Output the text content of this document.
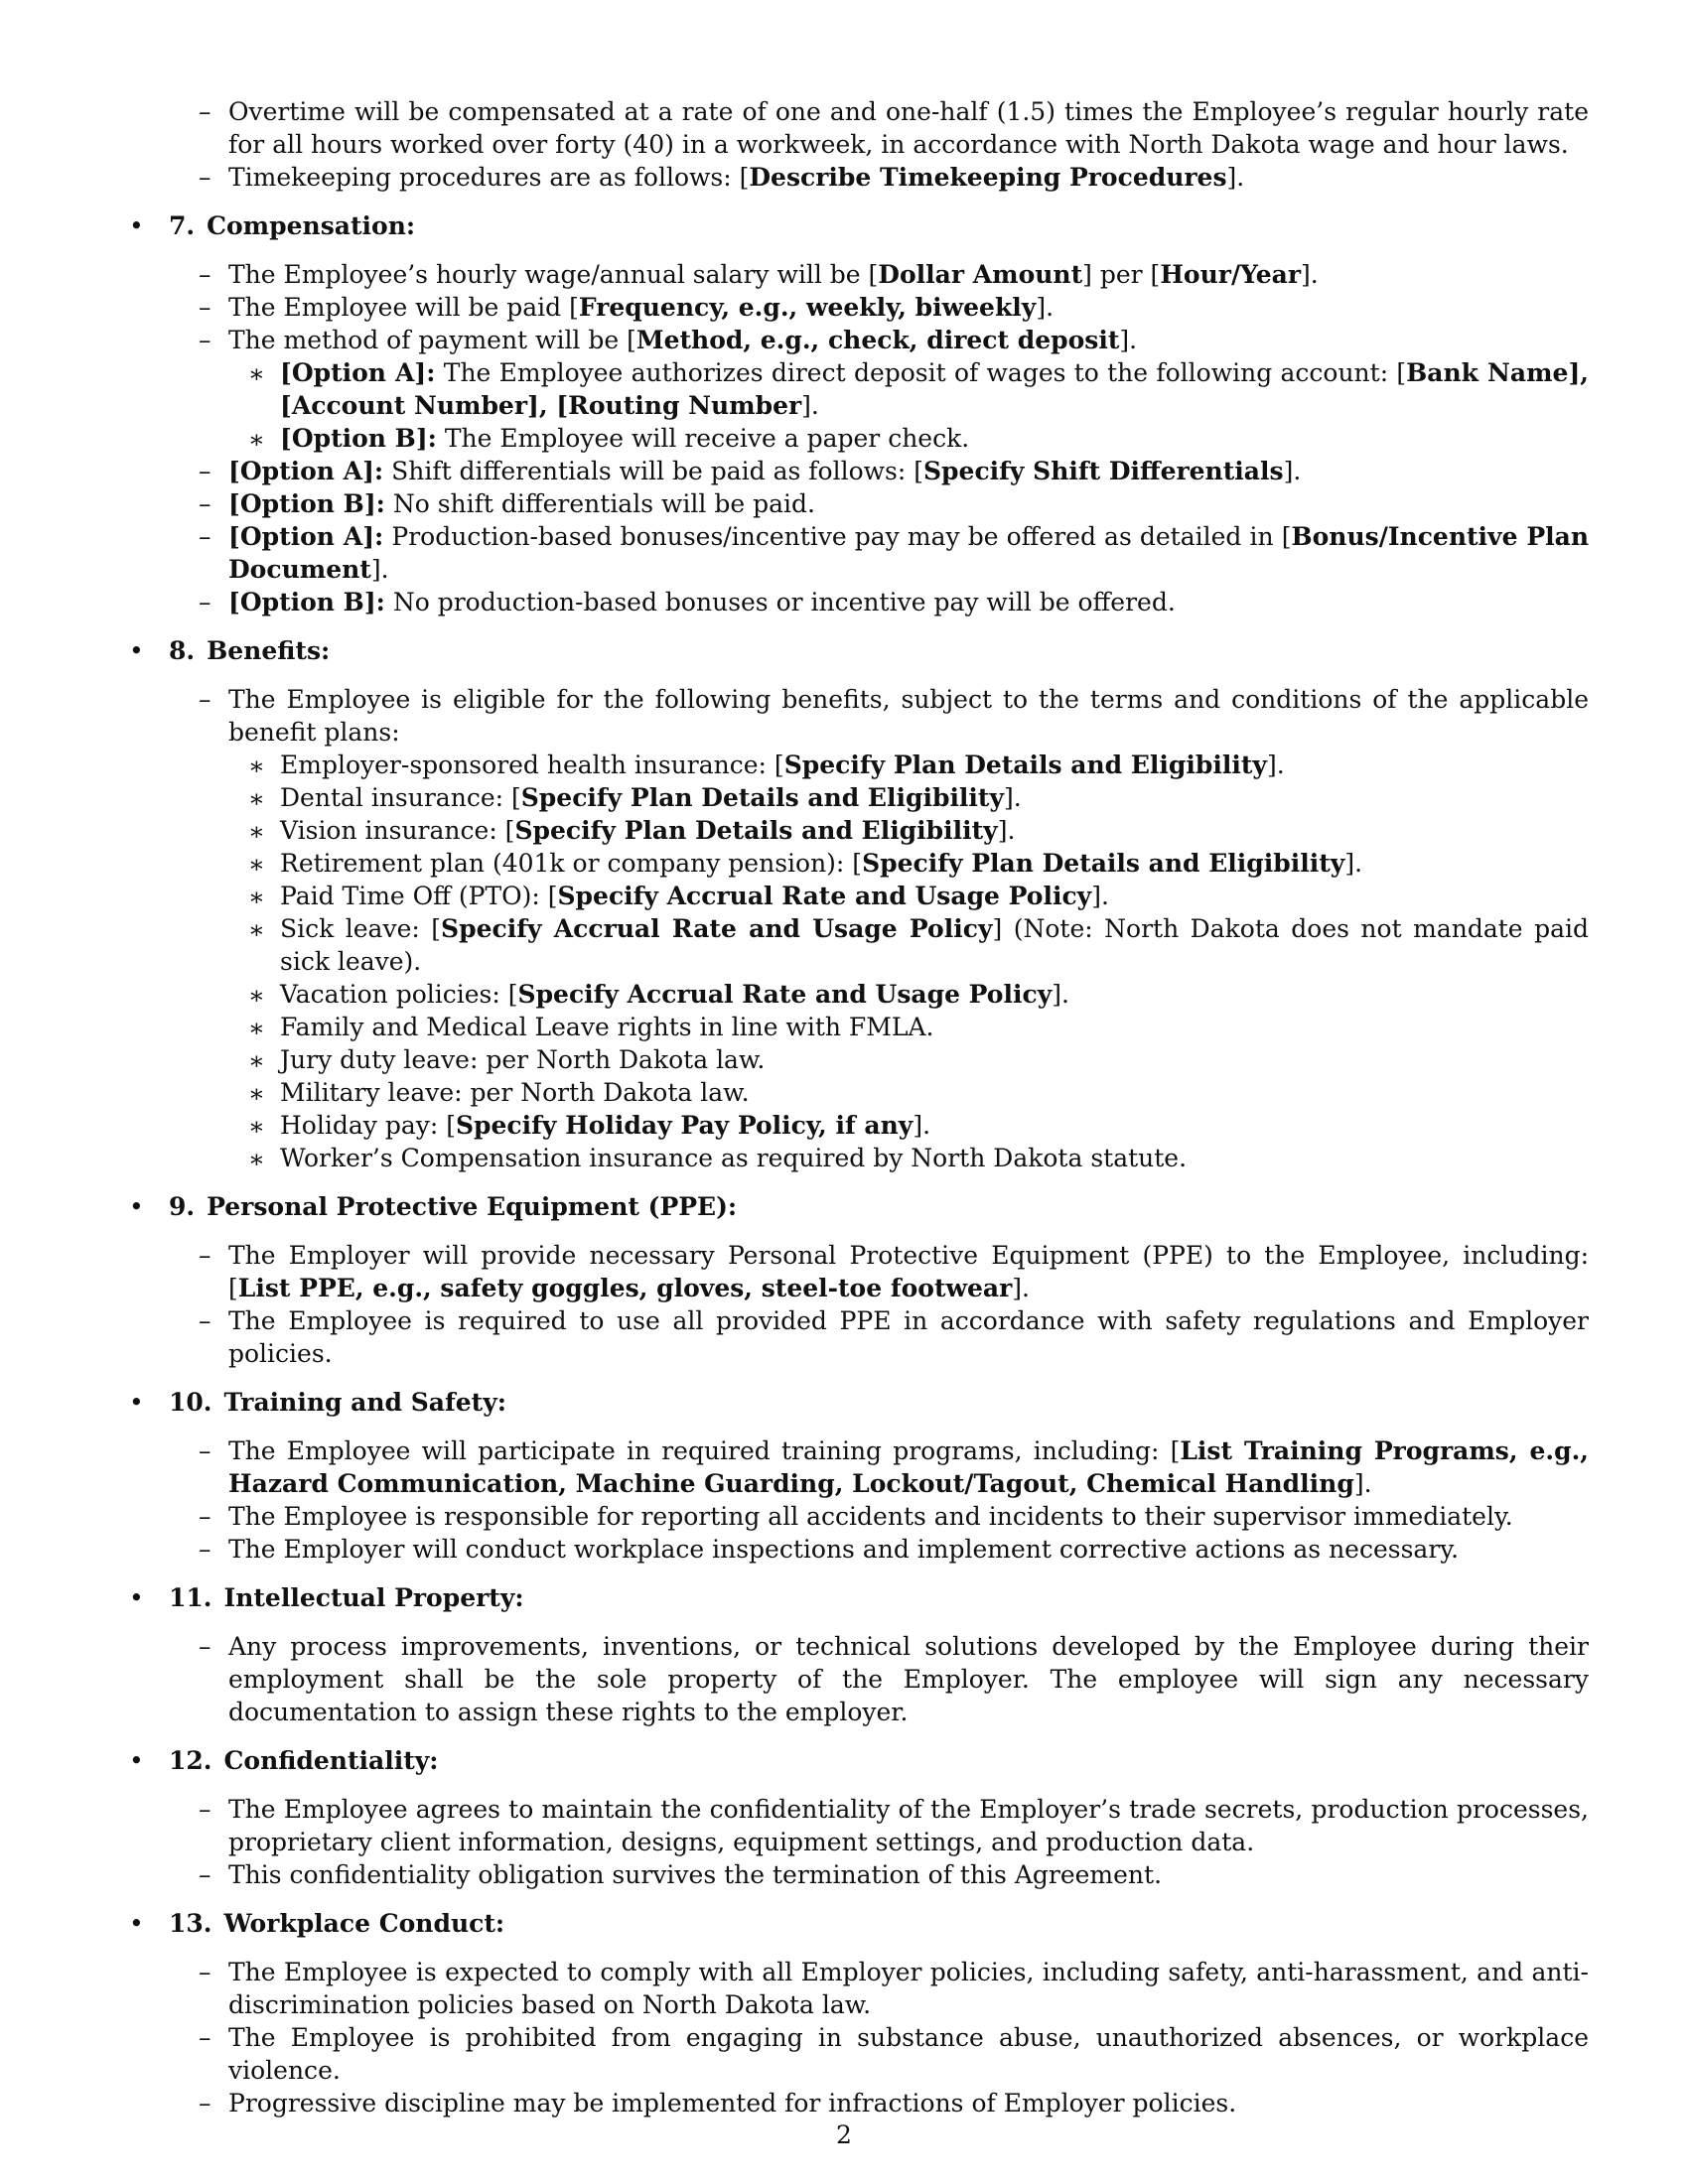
– Overtime will be compensated at a rate of one and one-half (1.5) times the Employee’s regular hourly rate for all hours worked over forty (40) in a workweek, in accordance with North Dakota wage and hour laws.
– Timekeeping procedures are as follows: [Describe Timekeeping Procedures].
• 7. Compensation:
– The Employee’s hourly wage/annual salary will be [Dollar Amount] per [Hour/Year].
– The Employee will be paid [Frequency, e.g., weekly, biweekly].
– The method of payment will be [Method, e.g., check, direct deposit].
∗ [Option A]: The Employee authorizes direct deposit of wages to the following account: [Bank Name], [Account Number], [Routing Number].
∗ [Option B]: The Employee will receive a paper check.
– [Option A]: Shift differentials will be paid as follows: [Specify Shift Differentials].
– [Option B]: No shift differentials will be paid.
– [Option A]: Production-based bonuses/incentive pay may be offered as detailed in [Bonus/Incentive Plan Document].
– [Option B]: No production-based bonuses or incentive pay will be offered.
• 8. Benefits:
– The Employee is eligible for the following benefits, subject to the terms and conditions of the applicable benefit plans:
∗ Employer-sponsored health insurance: [Specify Plan Details and Eligibility].
∗ Dental insurance: [Specify Plan Details and Eligibility].
∗ Vision insurance: [Specify Plan Details and Eligibility].
∗ Retirement plan (401k or company pension): [Specify Plan Details and Eligibility].
∗ Paid Time Off (PTO): [Specify Accrual Rate and Usage Policy].
∗ Sick leave: [Specify Accrual Rate and Usage Policy] (Note: North Dakota does not mandate paid sick leave).
∗ Vacation policies: [Specify Accrual Rate and Usage Policy].
∗ Family and Medical Leave rights in line with FMLA.
∗ Jury duty leave: per North Dakota law.
∗ Military leave: per North Dakota law.
∗ Holiday pay: [Specify Holiday Pay Policy, if any].
∗ Worker’s Compensation insurance as required by North Dakota statute.
• 9. Personal Protective Equipment (PPE):
– The Employer will provide necessary Personal Protective Equipment (PPE) to the Employee, including: [List PPE, e.g., safety goggles, gloves, steel-toe footwear].
– The Employee is required to use all provided PPE in accordance with safety regulations and Employer policies.
• 10. Training and Safety:
– The Employee will participate in required training programs, including: [List Training Programs, e.g., Hazard Communication, Machine Guarding, Lockout/Tagout, Chemical Handling].
– The Employee is responsible for reporting all accidents and incidents to their supervisor immediately.
– The Employer will conduct workplace inspections and implement corrective actions as necessary.
• 11. Intellectual Property:
– Any process improvements, inventions, or technical solutions developed by the Employee during their employment shall be the sole property of the Employer. The employee will sign any necessary documentation to assign these rights to the employer.
• 12. Confidentiality:
– The Employee agrees to maintain the confidentiality of the Employer’s trade secrets, production processes, proprietary client information, designs, equipment settings, and production data.
– This confidentiality obligation survives the termination of this Agreement.
• 13. Workplace Conduct:
– The Employee is expected to comply with all Employer policies, including safety, anti-harassment, and anti-discrimination policies based on North Dakota law.
– The Employee is prohibited from engaging in substance abuse, unauthorized absences, or workplace violence.
– Progressive discipline may be implemented for infractions of Employer policies.
2
